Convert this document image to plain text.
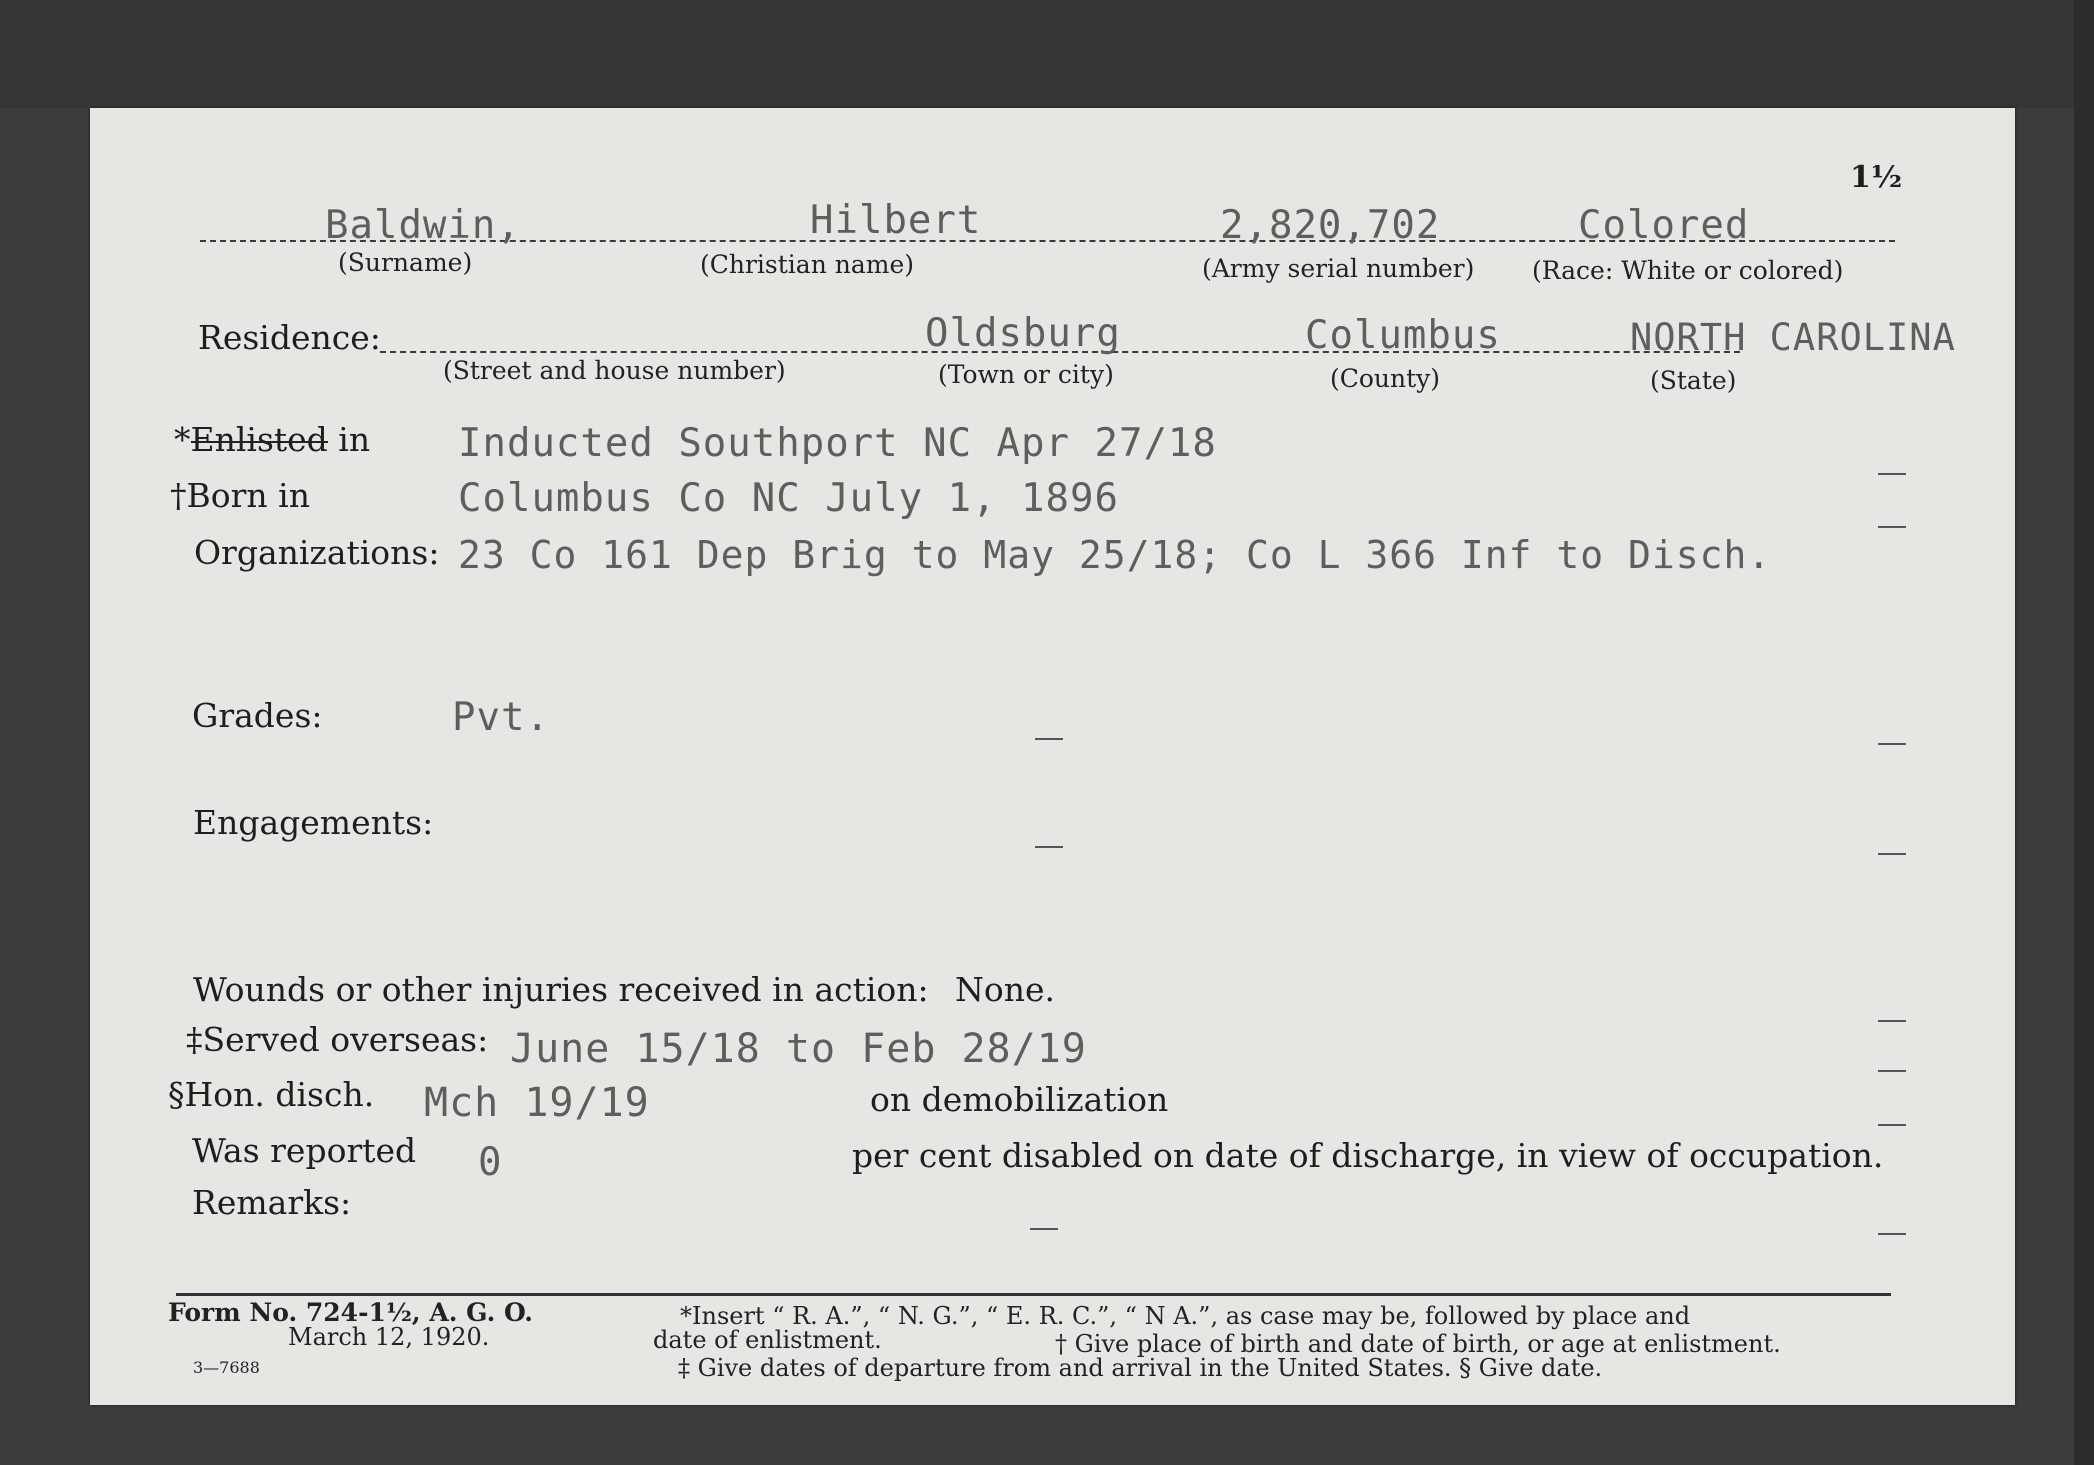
1½
Baldwin,	Hilbert	2,820,702	Colored
(Surname)	(Christian name)	(Army serial number) (Race: White or colored)
Residence:	Oldsburg	Columbus	NORTH CAROLINA
(Street and house number)	(Town or city)	(County)	(State)
*Enlisted in Inducted Southport NC Apr 27/18
†Born in	Columbus Co NC July 1, 1896
Organizations: 23 Co 161 Dep Brig to May 25/18; Co L 366 Inf to Disch.
Grades:	Pvt.
Engagements:
Wounds or other injuries received in action: None.
‡Served overseas: June 15/18 to Feb 28/19
§Hon. disch. Mch 19/19	on demobilization
Was reported 0	per cent disabled on date of discharge, in view of occupation.
Remarks:
Form No. 724-1½, A. G. O.
March 12, 1920.
3—7688
*Insert “ R. A.”, “ N. G.”, “ E. R. C.”, “ N A.”, as case may be, followed by place and
date of enlistment.	† Give place of birth and date of birth, or age at enlistment.
‡ Give dates of departure from and arrival in the United States. § Give date.
